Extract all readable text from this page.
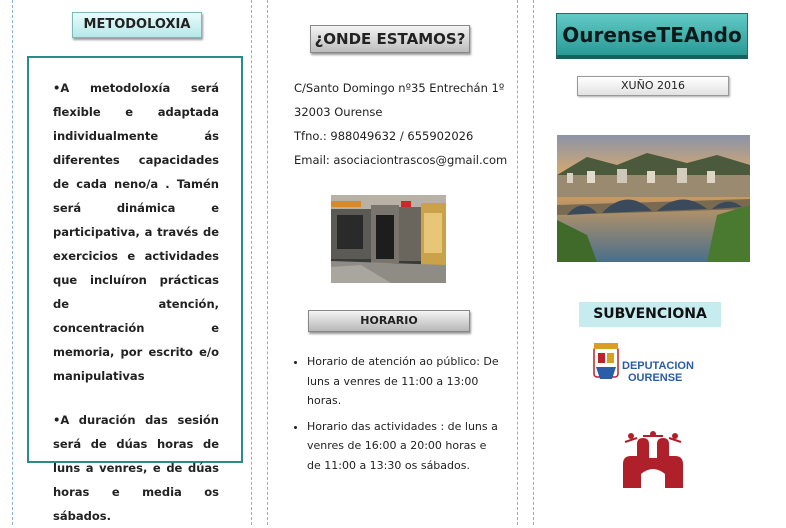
METODOLOXIA

•A metodoloxía será flexible e adaptada individualmente ás diferentes capacidades de cada neno/a . Tamén será dinámica e participativa, a través de exercicios e actividades que incluíron prácticas de atención, concentración e memoria, por escrito e/o manipulativas

•A duración das sesión será de dúas horas de luns a venres, e de dúas horas e media os sábados.

¿ONDE ESTAMOS?
C/Santo Domingo nº35 Entrechán 1º
32003 Ourense
Tfno.: 988049632 / 655902026
Email: asociaciontrascos@gmail.com
HORARIO
• Horario de atención ao público: De luns a venres de 11:00 a 13:00 horas.
• Horario das actividades : de luns a venres de 16:00 a 20:00 horas e de 11:00 a 13:30 os sábados.
OurenseTEAndo
XUÑO 2016
SUBVENCIONA
DEPUTACION
OURENSE
